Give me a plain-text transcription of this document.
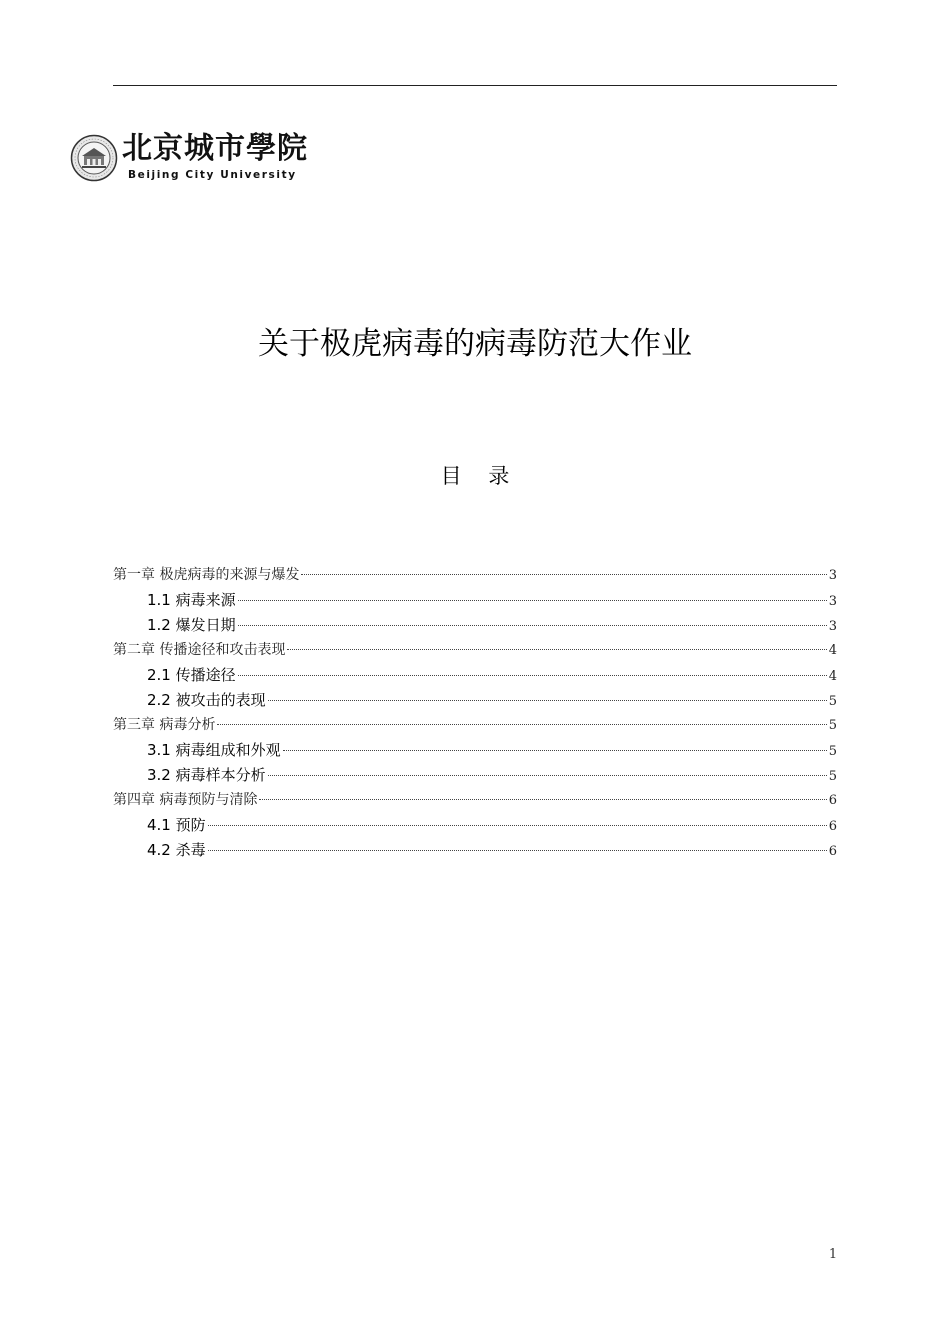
北京城市學院
Beijing City University
关于极虎病毒的病毒防范大作业
目    录
第一章 极虎病毒的来源与爆发	3
1.1 病毒来源	3
1.2 爆发日期	3
第二章 传播途径和攻击表现	4
2.1 传播途径	4
2.2 被攻击的表现	5
第三章 病毒分析	5
3.1 病毒组成和外观	5
3.2 病毒样本分析	5
第四章 病毒预防与清除	6
4.1 预防	6
4.2 杀毒	6
1
